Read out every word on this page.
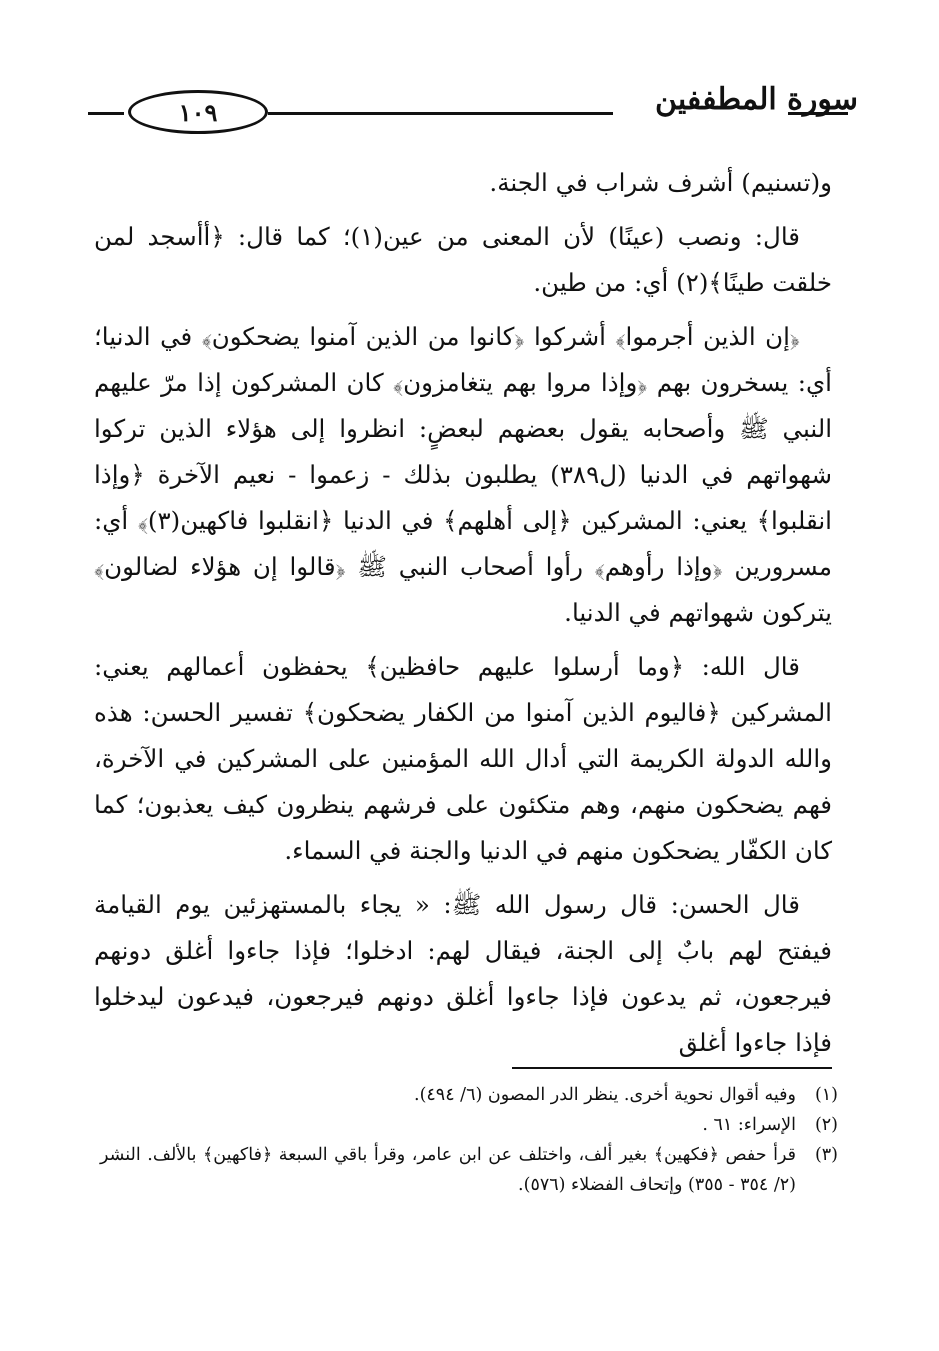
١٠٩	سورة المطففين

و(تسنيم) أشرف شراب في الجنة.

قال: ونصب (عينًا) لأن المعنى من عين(١)؛ كما قال: ﴿أأسجد لمن خلقت طينًا﴾(٢) أي: من طين.

﴿إن الذين أجرموا﴾ أشركوا ﴿كانوا من الذين آمنوا يضحكون﴾ في الدنيا؛ أي: يسخرون بهم ﴿وإذا مروا بهم يتغامزون﴾ كان المشركون إذا مرّ عليهم النبي ﷺ وأصحابه يقول بعضهم لبعضٍ: انظروا إلى هؤلاء الذين تركوا شهواتهم في الدنيا (ل٣٨٩) يطلبون بذلك - زعموا - نعيم الآخرة ﴿وإذا انقلبوا﴾ يعني: المشركين ﴿إلى أهلهم﴾ في الدنيا ﴿انقلبوا فاكهين(٣)﴾ أي: مسرورين ﴿وإذا رأوهم﴾ رأوا أصحاب النبي ﷺ ﴿قالوا إن هؤلاء لضالون﴾ يتركون شهواتهم في الدنيا.

قال الله: ﴿وما أرسلوا عليهم حافظين﴾ يحفظون أعمالهم يعني: المشركين ﴿فاليوم الذين آمنوا من الكفار يضحكون﴾ تفسير الحسن: هذه والله الدولة الكريمة التي أدال الله المؤمنين على المشركين في الآخرة، فهم يضحكون منهم، وهم متكئون على فرشهم ينظرون كيف يعذبون؛ كما كان الكفّار يضحكون منهم في الدنيا والجنة في السماء.

قال الحسن: قال رسول الله ﷺ: « يجاء بالمستهزئين يوم القيامة فيفتح لهم بابٌ إلى الجنة، فيقال لهم: ادخلوا؛ فإذا جاءوا أغلق دونهم فيرجعون، ثم يدعون فإذا جاءوا أغلق دونهم فيرجعون، فيدعون ليدخلوا فإذا جاءوا أغلق

(١)
وفيه أقوال نحوية أخرى. ينظر الدر المصون (٦/ ٤٩٤).

(٢)
الإسراء: ٦١ .

(٣)
قرأ حفص ﴿فكهين﴾ بغير ألف، واختلف عن ابن عامر، وقرأ باقي السبعة ﴿فاكهين﴾ بالألف. النشر (٢/ ٣٥٤ - ٣٥٥) وإتحاف الفضلاء (٥٧٦).
